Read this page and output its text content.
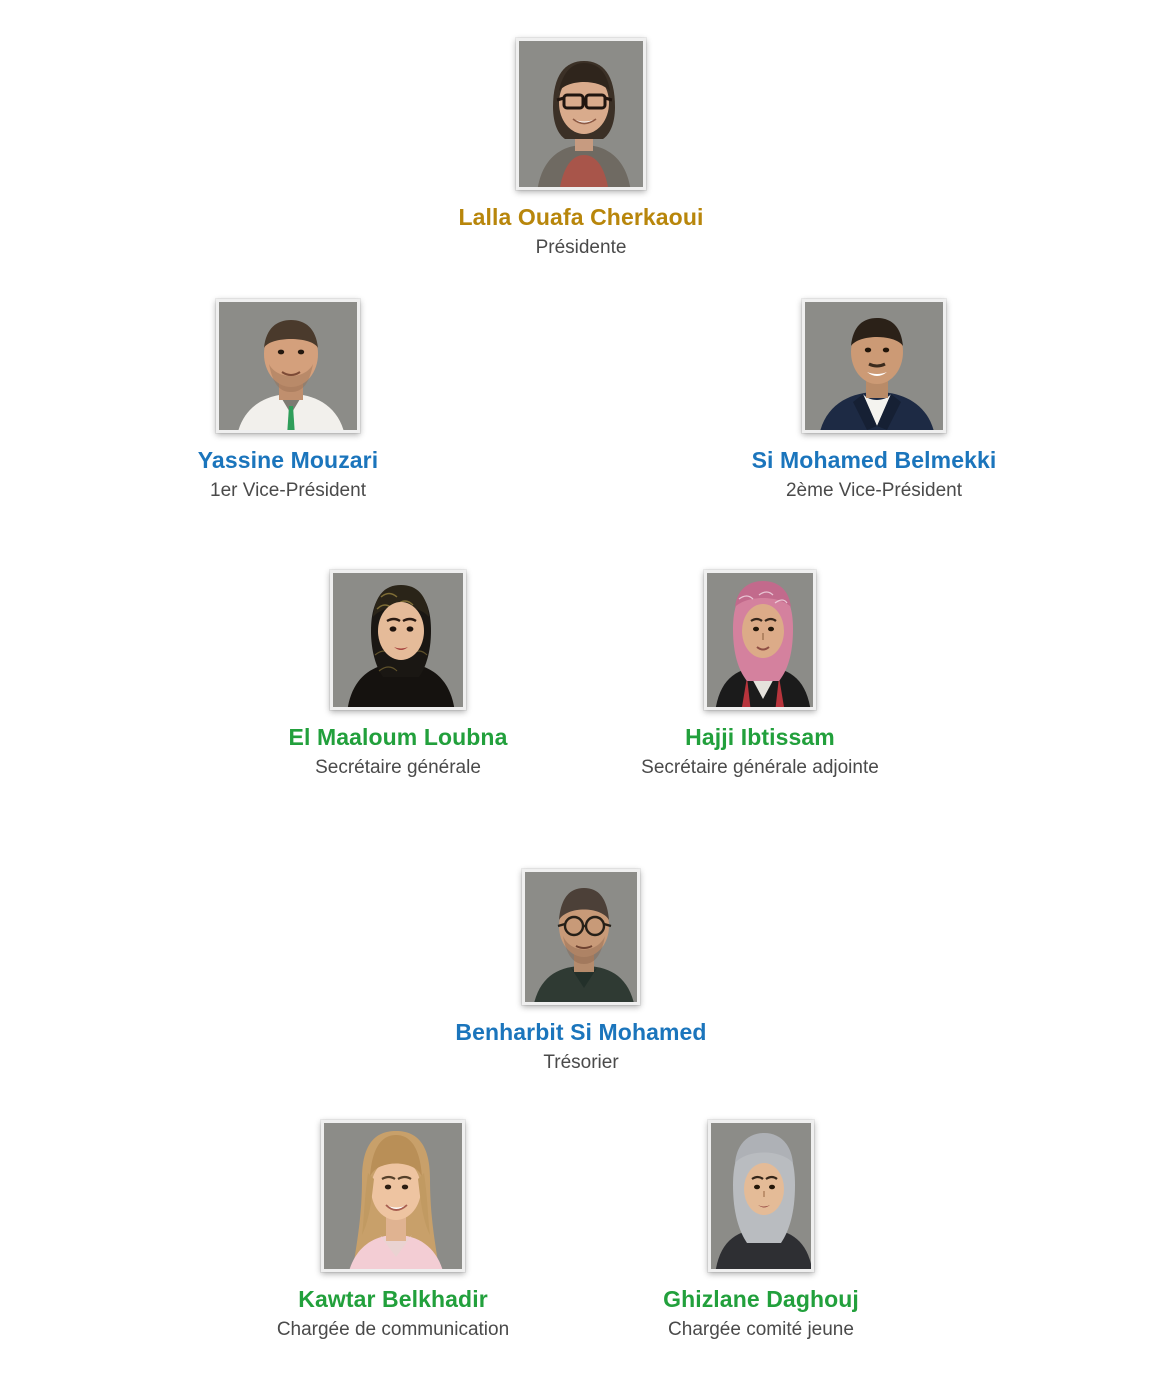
Lalla Ouafa Cherkaoui
Présidente
Yassine Mouzari
1er Vice-Président
Si Mohamed Belmekki
2ème Vice-Président
El Maaloum Loubna
Secrétaire générale
Hajji Ibtissam
Secrétaire générale adjointe
Benharbit Si Mohamed
Trésorier
Kawtar Belkhadir
Chargée de communication
Ghizlane Daghouj
Chargée comité jeune
